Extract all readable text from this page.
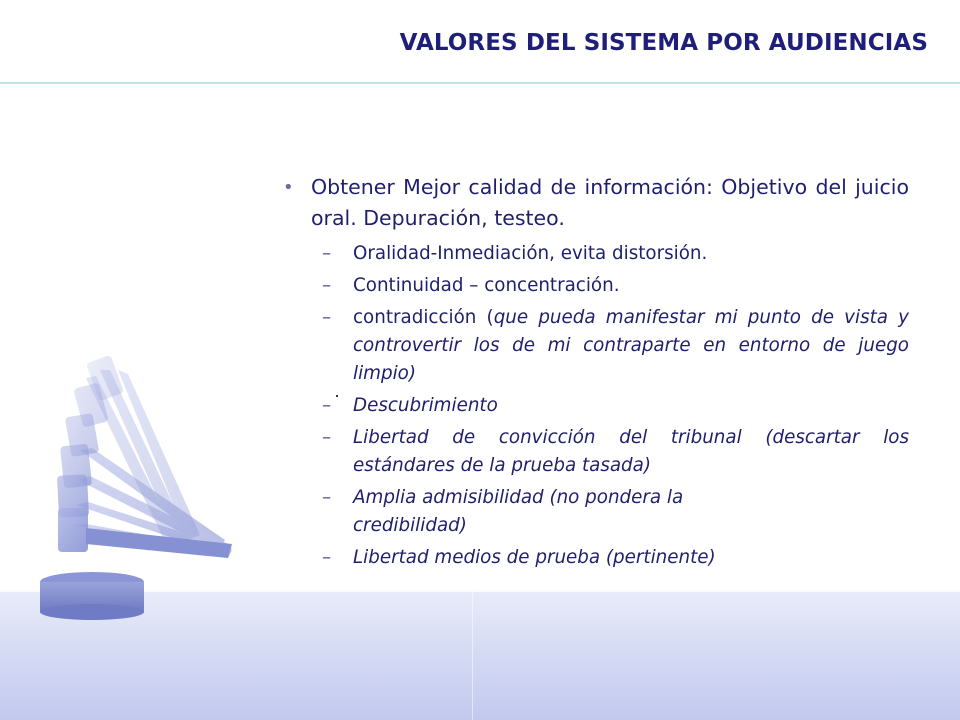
VALORES DEL SISTEMA POR AUDIENCIAS
• Obtener Mejor calidad de información: Objetivo del juicio oral. Depuración, testeo.
– Oralidad-Inmediación, evita distorsión.
– Continuidad – concentración.
– contradicción (que pueda manifestar mi punto de vista y controvertir los de mi contraparte en entorno de juego limpio)
– Descubrimiento
– Libertad de convicción del tribunal (descartar los estándares de la prueba tasada)
– Amplia admisibilidad (no pondera la credibilidad)
– Libertad medios de prueba (pertinente)
